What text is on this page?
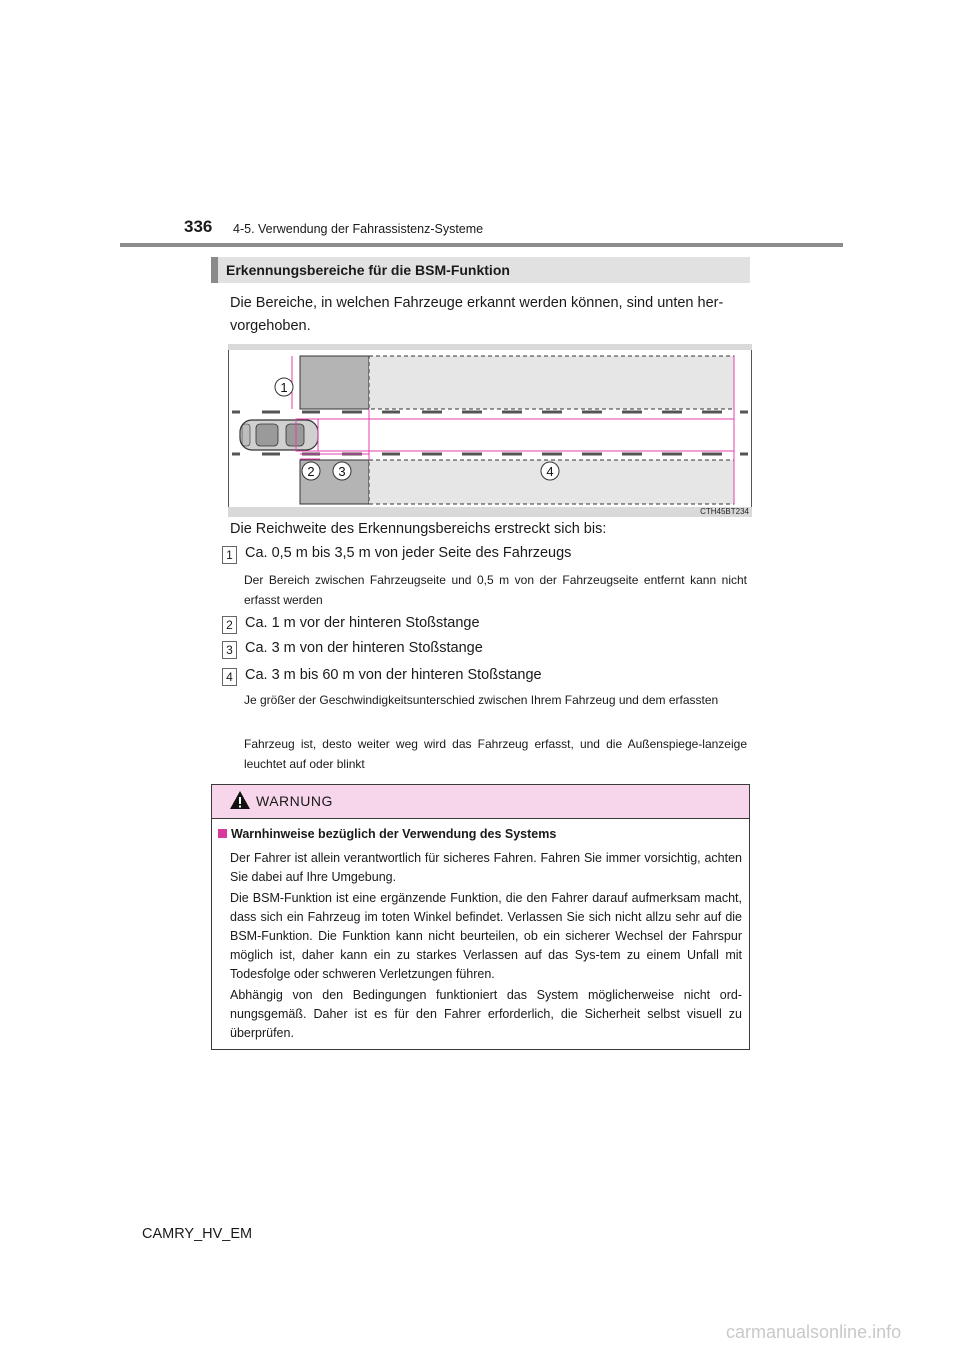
336 4-5. Verwendung der Fahrassistenz-Systeme
Erkennungsbereiche für die BSM-Funktion
Die Bereiche, in welchen Fahrzeuge erkannt werden können, sind unten her-vorgehoben.
1
2 3	4
CTH45BT234
Die Reichweite des Erkennungsbereichs erstreckt sich bis:
1 Ca. 0,5 m bis 3,5 m von jeder Seite des Fahrzeugs
Der Bereich zwischen Fahrzeugseite und 0,5 m von der Fahrzeugseite entfernt kann nicht erfasst werden
2 Ca. 1 m vor der hinteren Stoßstange
3 Ca. 3 m von der hinteren Stoßstange
4 Ca. 3 m bis 60 m von der hinteren Stoßstange
Je größer der Geschwindigkeitsunterschied zwischen Ihrem Fahrzeug und dem erfassten
Fahrzeug ist, desto weiter weg wird das Fahrzeug erfasst, und die Außenspiege-lanzeige leuchtet auf oder blinkt
WARNUNG
Warnhinweise bezüglich der Verwendung des Systems
Der Fahrer ist allein verantwortlich für sicheres Fahren. Fahren Sie immer vorsichtig, achten Sie dabei auf Ihre Umgebung.
Die BSM-Funktion ist eine ergänzende Funktion, die den Fahrer darauf aufmerksam macht, dass sich ein Fahrzeug im toten Winkel befindet. Verlassen Sie sich nicht allzu sehr auf die BSM-Funktion. Die Funktion kann nicht beurteilen, ob ein sicherer Wechsel der Fahrspur möglich ist, daher kann ein zu starkes Verlassen auf das Sys-tem zu einem Unfall mit Todesfolge oder schweren Verletzungen führen.
Abhängig von den Bedingungen funktioniert das System möglicherweise nicht ord-nungsgemäß. Daher ist es für den Fahrer erforderlich, die Sicherheit selbst visuell zu überprüfen.
CAMRY_HV_EM
carmanualsonline.info
